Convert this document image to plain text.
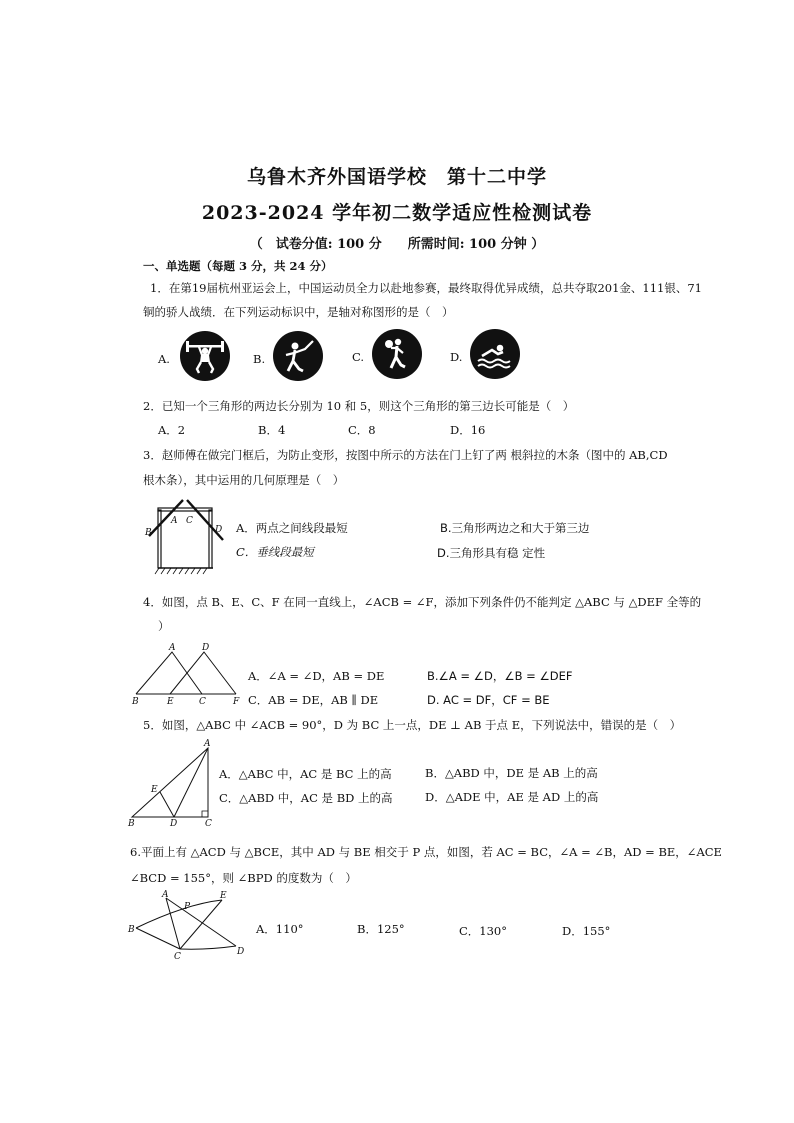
乌鲁木齐外国语学校　第十二中学
2023-2024 学年初二数学适应性检测试卷
（　试卷分值: 100 分　　所需时间: 100 分钟 ）
一、单选题（每题 3 分，共 24 分）
1．在第19届杭州亚运会上，中国运动员全力以赴地参赛，最终取得优异成绩，总共夺取201金、111银、71
铜的骄人战绩．在下列运动标识中，是轴对称图形的是（　）
A.	B.	C.	D.
2．已知一个三角形的两边长分别为 10 和 5，则这个三角形的第三边长可能是（　）
A．2	B．4	C．8	D．16
3．赵师傅在做完门框后，为防止变形，按图中所示的方法在门上钉了两 根斜拉的木条（图中的 AB,CD
根木条），其中运用的几何原理是（　）
B
A C
D A．两点之间线段最短	B.三角形两边之和大于第三边
C．垂线段最短	D.三角形具有稳 定性
4．如图，点 B、E、C、F 在同一直线上，∠ACB = ∠F，添加下列条件仍不能判定 △ABC 与 △DEF 全等的
）
A	D
B	E	C	F
A．∠A = ∠D，AB = DE	B.∠A = ∠D，∠B = ∠DEF
C．AB = DE，AB ∥ DE	D. AC = DF，CF = BE
5．如图，△ABC 中 ∠ACB = 90°，D 为 BC 上一点，DE ⊥ AB 于点 E，下列说法中，错误的是（　）
A
E
B	D	C
A．△ABC 中，AC 是 BC 上的高	B．△ABD 中，DE 是 AB 上的高
C．△ABD 中，AC 是 BD 上的高	D．△ADE 中，AE 是 AD 上的高
6.平面上有 △ACD 与 △BCE，其中 AD 与 BE 相交于 P 点，如图，若 AC = BC，∠A = ∠B，AD = BE，∠ACE
∠BCD = 155°，则 ∠BPD 的度数为（　）
A
P
E
B
C	D
A．110°	B．125°	C．130°	D．155°
